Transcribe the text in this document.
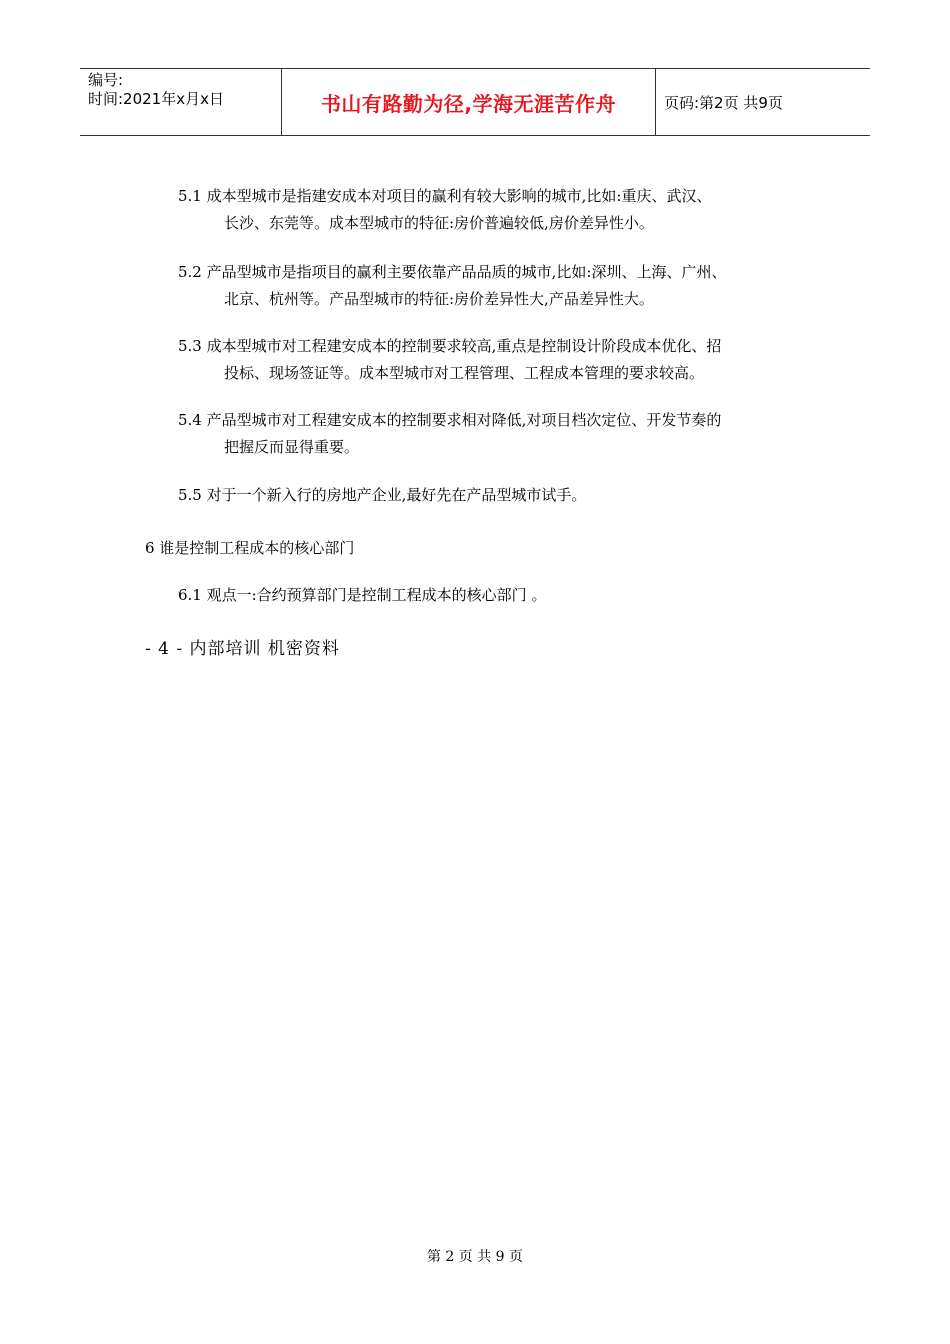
编号:
时间:2021年x月x日	书山有路勤为径,学海无涯苦作舟	页码:第2页 共9页
5.1 成本型城市是指建安成本对项目的赢利有较大影响的城市,比如:重庆、武汉、
长沙、东莞等。成本型城市的特征:房价普遍较低,房价差异性小。
5.2 产品型城市是指项目的赢利主要依靠产品品质的城市,比如:深圳、上海、广州、
北京、杭州等。产品型城市的特征:房价差异性大,产品差异性大。
5.3 成本型城市对工程建安成本的控制要求较高,重点是控制设计阶段成本优化、招
投标、现场签证等。成本型城市对工程管理、工程成本管理的要求较高。
5.4 产品型城市对工程建安成本的控制要求相对降低,对项目档次定位、开发节奏的
把握反而显得重要。
5.5 对于一个新入行的房地产企业,最好先在产品型城市试手。
6 谁是控制工程成本的核心部门
6.1 观点一:合约预算部门是控制工程成本的核心部门 。
- 4 - 内部培训 机密资料
第 2 页 共 9 页
